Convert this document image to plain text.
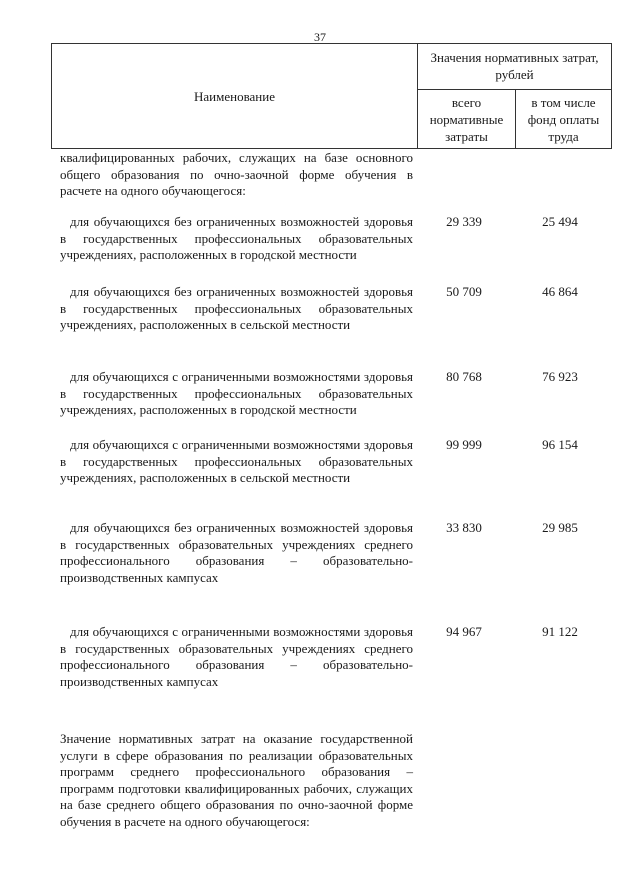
37
Наименование
Значения нормативных затрат, рублей
всего нормативные затраты
в том числе фонд оплаты труда
квалифицированных рабочих, служащих на базе основного общего образования по очно-заочной форме обучения в расчете на одного обучающегося:
для обучающихся без ограниченных возможностей здоровья в государственных профессиональных образовательных учреждениях, расположенных в городской местности
29 339	25 494
для обучающихся без ограниченных возможностей здоровья в государственных профессиональных образовательных учреждениях, расположенных в сельской местности
50 709	46 864
для обучающихся с ограниченными возможностями здоровья в государственных профессиональных образовательных учреждениях, расположенных в городской местности
80 768	76 923
для обучающихся с ограниченными возможностями здоровья в государственных профессиональных образовательных учреждениях, расположенных в сельской местности
99 999	96 154
для обучающихся без ограниченных возможностей здоровья в государственных образовательных учреждениях среднего профессионального образования – образовательно-производственных кампусах
33 830	29 985
для обучающихся с ограниченными возможностями здоровья в государственных образовательных учреждениях среднего профессионального образования – образовательно-производственных кампусах
94 967	91 122
Значение нормативных затрат на оказание государственной услуги в сфере образования по реализации образовательных программ среднего профессионального образования – программ подготовки квалифицированных рабочих, служащих на базе среднего общего образования по очно-заочной форме обучения в расчете на одного обучающегося:
